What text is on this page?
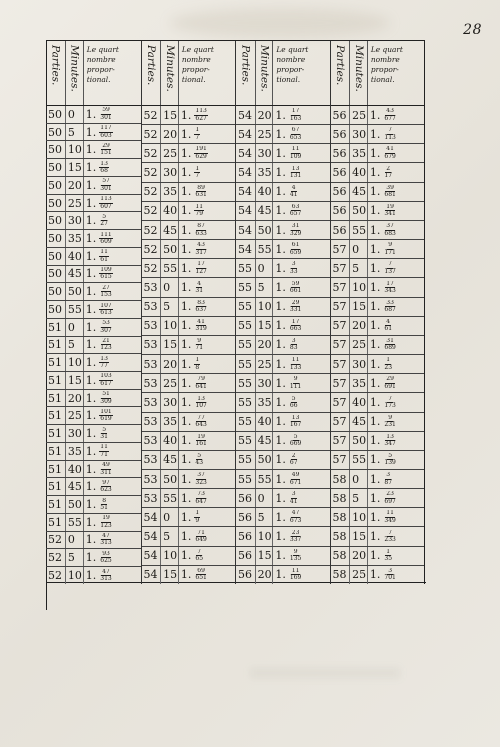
28
Parties. Minutes. Le quart
nombre
propor-
tional.
50 0 1. $\frac{59}{301}$
50 5 1. $\frac{117}{603}$
50 10 1. $\frac{29}{151}$
50 15 1. $\frac{13}{68}$
50 20 1. $\frac{57}{301}$
50 25 1. $\frac{113}{607}$
50 30 1. $\frac{5}{27}$
50 35 1. $\frac{111}{609}$
50 40 1. $\frac{11}{61}$
50 45 1. $\frac{109}{615}$
50 50 1. $\frac{27}{153}$
50 55 1. $\frac{107}{613}$
51 0 1. $\frac{53}{307}$
51 5 1. $\frac{21}{123}$
51 10 1. $\frac{13}{77}$
51 15 1. $\frac{103}{617}$
51 20 1. $\frac{51}{309}$
51 25 1. $\frac{101}{619}$
51 30 1. $\frac{5}{31}$
51 35 1. $\frac{11}{71}$
51 40 1. $\frac{49}{311}$
51 45 1. $\frac{97}{623}$
51 50 1. $\frac{8}{51}$
51 55 1. $\frac{19}{123}$
52 0 1. $\frac{47}{313}$
52 5 1. $\frac{93}{625}$
52 10 1. $\frac{47}{313}$
Parties. Minutes. Le quart
nombre
propor-
tional.
52 15 1. $\frac{113}{627}$
52 20 1. $\frac{1}{7}$
52 25 1. $\frac{191}{629}$
52 30 1. $\frac{1}{7}$
52 35 1. $\frac{89}{631}$
52 40 1. $\frac{11}{79}$
52 45 1. $\frac{87}{633}$
52 50 1. $\frac{43}{317}$
52 55 1. $\frac{17}{127}$
53 0 1. $\frac{4}{31}$
53 5 1. $\frac{83}{637}$
53 10 1. $\frac{41}{319}$
53 15 1. $\frac{9}{71}$
53 20 1. $\frac{1}{8}$
53 25 1. $\frac{79}{641}$
53 30 1. $\frac{13}{107}$
53 35 1. $\frac{77}{643}$
53 40 1. $\frac{19}{161}$
53 45 1. $\frac{5}{43}$
53 50 1. $\frac{37}{323}$
53 55 1. $\frac{73}{647}$
54 0 1. $\frac{1}{9}$
54 5 1. $\frac{71}{649}$
54 10 1. $\frac{7}{65}$
54 15 1. $\frac{69}{651}$
Parties. Minutes. Le quart
nombre
propor-
tional.
54 20 1. $\frac{17}{163}$
54 25 1. $\frac{67}{653}$
54 30 1. $\frac{11}{109}$
54 35 1. $\frac{13}{131}$
54 40 1. $\frac{4}{41}$
54 45 1. $\frac{63}{657}$
54 50 1. $\frac{31}{329}$
54 55 1. $\frac{61}{659}$
55 0 1. $\frac{3}{33}$
55 5 1. $\frac{59}{661}$
55 10 1. $\frac{29}{331}$
55 15 1. $\frac{17}{663}$
55 20 1. $\frac{3}{83}$
55 25 1. $\frac{11}{133}$
55 30 1. $\frac{9}{111}$
55 35 1. $\frac{5}{66}$
55 40 1. $\frac{13}{167}$
55 45 1. $\frac{5}{669}$
55 50 1. $\frac{2}{67}$
55 55 1. $\frac{49}{671}$
56 0 1. $\frac{3}{41}$
56 5 1. $\frac{47}{673}$
56 10 1. $\frac{23}{337}$
56 15 1. $\frac{9}{135}$
56 20 1. $\frac{11}{169}$
Parties. Minutes. Le quart
nombre
propor-
tional.
56 25 1. $\frac{43}{677}$
56 30 1. $\frac{7}{113}$
56 35 1. $\frac{41}{679}$
56 40 1. $\frac{2}{17}$
56 45 1. $\frac{39}{681}$
56 50 1. $\frac{19}{341}$
56 55 1. $\frac{37}{683}$
57 0 1. $\frac{9}{171}$
57 5 1. $\frac{7}{137}$
57 10 1. $\frac{17}{343}$
57 15 1. $\frac{33}{687}$
57 20 1. $\frac{4}{61}$
57 25 1. $\frac{31}{689}$
57 30 1. $\frac{1}{23}$
57 35 1. $\frac{29}{691}$
57 40 1. $\frac{7}{173}$
57 45 1. $\frac{9}{231}$
57 50 1. $\frac{13}{347}$
57 55 1. $\frac{5}{139}$
58 0 1. $\frac{3}{87}$
58 5 1. $\frac{23}{697}$
58 10 1. $\frac{11}{349}$
58 15 1. $\frac{7}{233}$
58 20 1. $\frac{1}{35}$
58 25 1. $\frac{3}{701}$
